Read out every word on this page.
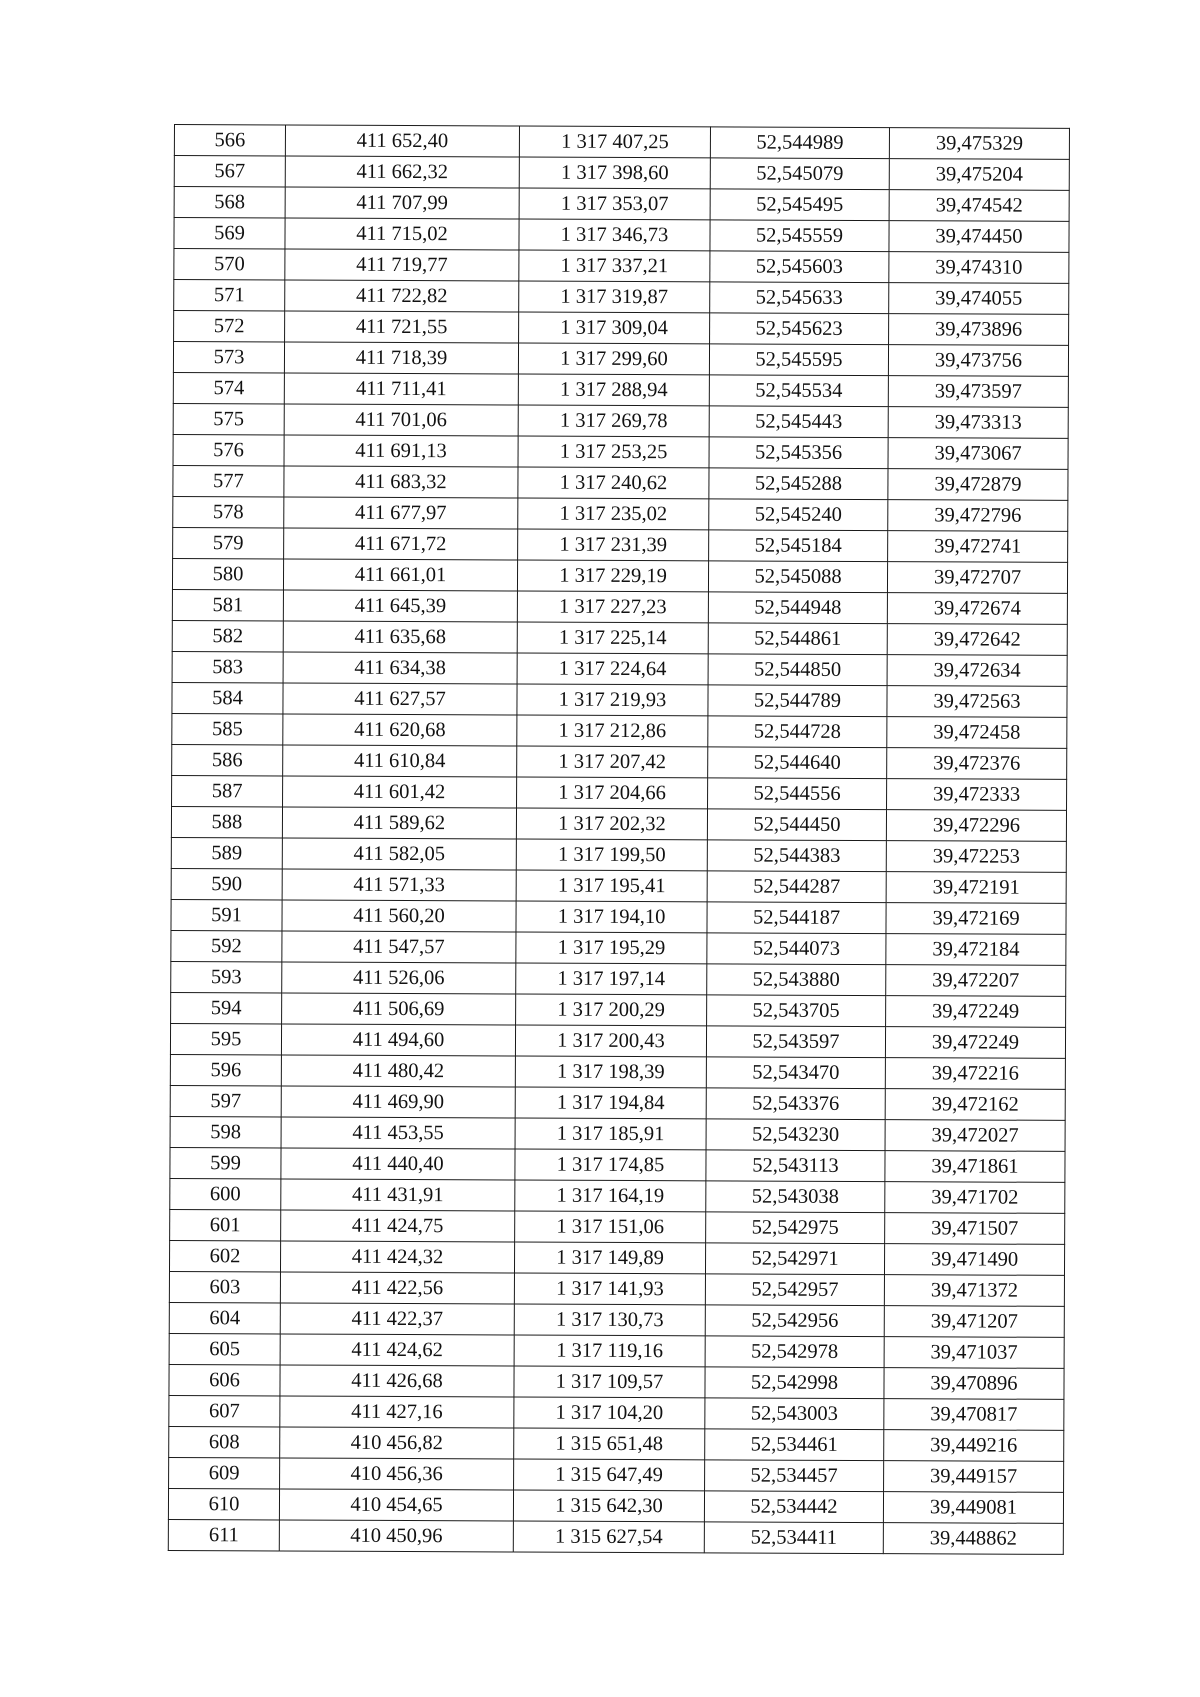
566	411 652,40	1 317 407,25	52,544989	39,475329
567	411 662,32	1 317 398,60	52,545079	39,475204
568	411 707,99	1 317 353,07	52,545495	39,474542
569	411 715,02	1 317 346,73	52,545559	39,474450
570	411 719,77	1 317 337,21	52,545603	39,474310
571	411 722,82	1 317 319,87	52,545633	39,474055
572	411 721,55	1 317 309,04	52,545623	39,473896
573	411 718,39	1 317 299,60	52,545595	39,473756
574	411 711,41	1 317 288,94	52,545534	39,473597
575	411 701,06	1 317 269,78	52,545443	39,473313
576	411 691,13	1 317 253,25	52,545356	39,473067
577	411 683,32	1 317 240,62	52,545288	39,472879
578	411 677,97	1 317 235,02	52,545240	39,472796
579	411 671,72	1 317 231,39	52,545184	39,472741
580	411 661,01	1 317 229,19	52,545088	39,472707
581	411 645,39	1 317 227,23	52,544948	39,472674
582	411 635,68	1 317 225,14	52,544861	39,472642
583	411 634,38	1 317 224,64	52,544850	39,472634
584	411 627,57	1 317 219,93	52,544789	39,472563
585	411 620,68	1 317 212,86	52,544728	39,472458
586	411 610,84	1 317 207,42	52,544640	39,472376
587	411 601,42	1 317 204,66	52,544556	39,472333
588	411 589,62	1 317 202,32	52,544450	39,472296
589	411 582,05	1 317 199,50	52,544383	39,472253
590	411 571,33	1 317 195,41	52,544287	39,472191
591	411 560,20	1 317 194,10	52,544187	39,472169
592	411 547,57	1 317 195,29	52,544073	39,472184
593	411 526,06	1 317 197,14	52,543880	39,472207
594	411 506,69	1 317 200,29	52,543705	39,472249
595	411 494,60	1 317 200,43	52,543597	39,472249
596	411 480,42	1 317 198,39	52,543470	39,472216
597	411 469,90	1 317 194,84	52,543376	39,472162
598	411 453,55	1 317 185,91	52,543230	39,472027
599	411 440,40	1 317 174,85	52,543113	39,471861
600	411 431,91	1 317 164,19	52,543038	39,471702
601	411 424,75	1 317 151,06	52,542975	39,471507
602	411 424,32	1 317 149,89	52,542971	39,471490
603	411 422,56	1 317 141,93	52,542957	39,471372
604	411 422,37	1 317 130,73	52,542956	39,471207
605	411 424,62	1 317 119,16	52,542978	39,471037
606	411 426,68	1 317 109,57	52,542998	39,470896
607	411 427,16	1 317 104,20	52,543003	39,470817
608	410 456,82	1 315 651,48	52,534461	39,449216
609	410 456,36	1 315 647,49	52,534457	39,449157
610	410 454,65	1 315 642,30	52,534442	39,449081
611	410 450,96	1 315 627,54	52,534411	39,448862
